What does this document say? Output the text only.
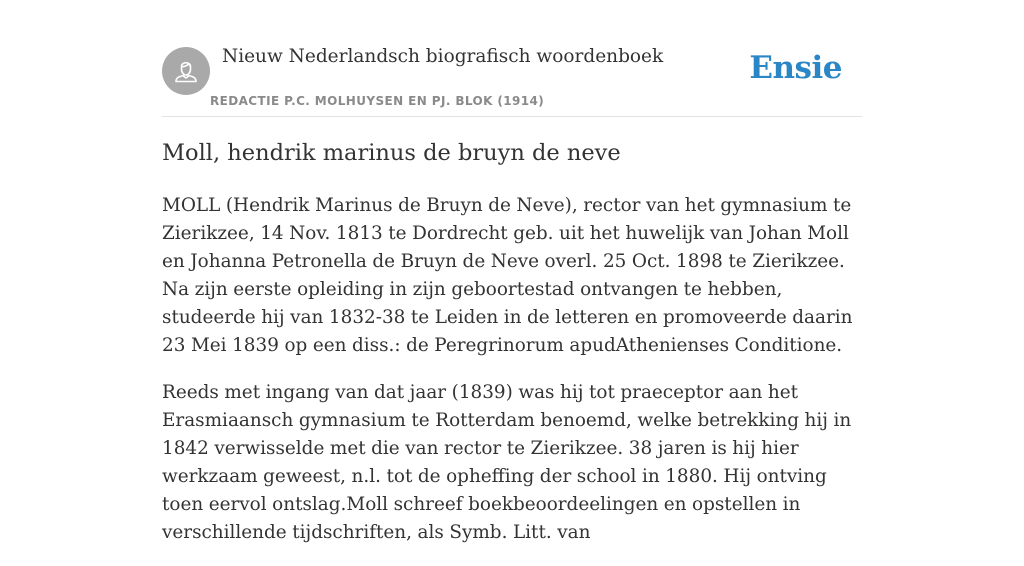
Nieuw Nederlandsch biografisch woordenboek
REDACTIE P.C. MOLHUYSEN EN PJ. BLOK (1914)
Ensie
Moll, hendrik marinus de bruyn de neve

MOLL (Hendrik Marinus de Bruyn de Neve), rector van het gymnasium te Zierikzee, 14 Nov. 1813 te Dordrecht geb. uit het huwelijk van Johan Moll en Johanna Petronella de Bruyn de Neve overl. 25 Oct. 1898 te Zierikzee. Na zijn eerste opleiding in zijn geboortestad ontvangen te hebben, studeerde hij van 1832-38 te Leiden in de letteren en promoveerde daarin 23 Mei 1839 op een diss.: de Peregrinorum apudAthenienses Conditione.

Reeds met ingang van dat jaar (1839) was hij tot praeceptor aan het Erasmiaansch gymnasium te Rotterdam benoemd, welke betrekking hij in 1842 verwisselde met die van rector te Zierikzee. 38 jaren is hij hier werkzaam geweest, n.l. tot de opheffing der school in 1880. Hij ontving toen eervol ontslag.Moll schreef boekbeoordeelingen en opstellen in verschillende tijdschriften, als Symb. Litt. van
